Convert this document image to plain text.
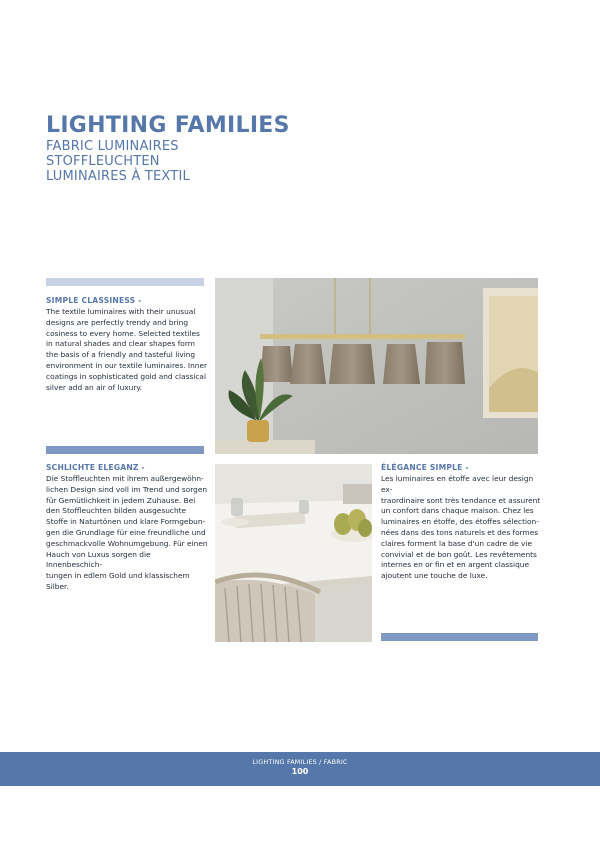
LIGHTING FAMILIES
FABRIC LUMINAIRES
STOFFLEUCHTEN
LUMINAIRES À TEXTIL
SIMPLE CLASSINESS -
The textile luminaires with their unusual
designs are perfectly trendy and bring
cosiness to every home. Selected textiles
in natural shades and clear shapes form
the basis of a friendly and tasteful living
environment in our textile luminaires. Inner
coatings in sophisticated gold and classical
silver add an air of luxury.
SCHLICHTE ELEGANZ -
Die Stoffleuchten mit ihrem außergewöhn-
lichen Design sind voll im Trend und sorgen
für Gemütlichkeit in jedem Zuhause. Bei
den Stoffleuchten bilden ausgesuchte
Stoffe in Naturtönen und klare Formgebun-
gen die Grundlage für eine freundliche und
geschmackvolle Wohnumgebung. Für einen
Hauch von Luxus sorgen die Innenbeschich-
tungen in edlem Gold und klassischem
Silber.
ÉLÉGANCE SIMPLE -
Les luminaires en étoffe avec leur design ex-
traordinaire sont très tendance et assurent
un confort dans chaque maison. Chez les
luminaires en étoffe, des étoffes sélection-
nées dans des tons naturels et des formes
claires forment la base d'un cadre de vie
convivial et de bon goût. Les revêtements
internes en or fin et en argent classique
ajoutent une touche de luxe.
LIGHTING FAMILIES / FABRIC
100
